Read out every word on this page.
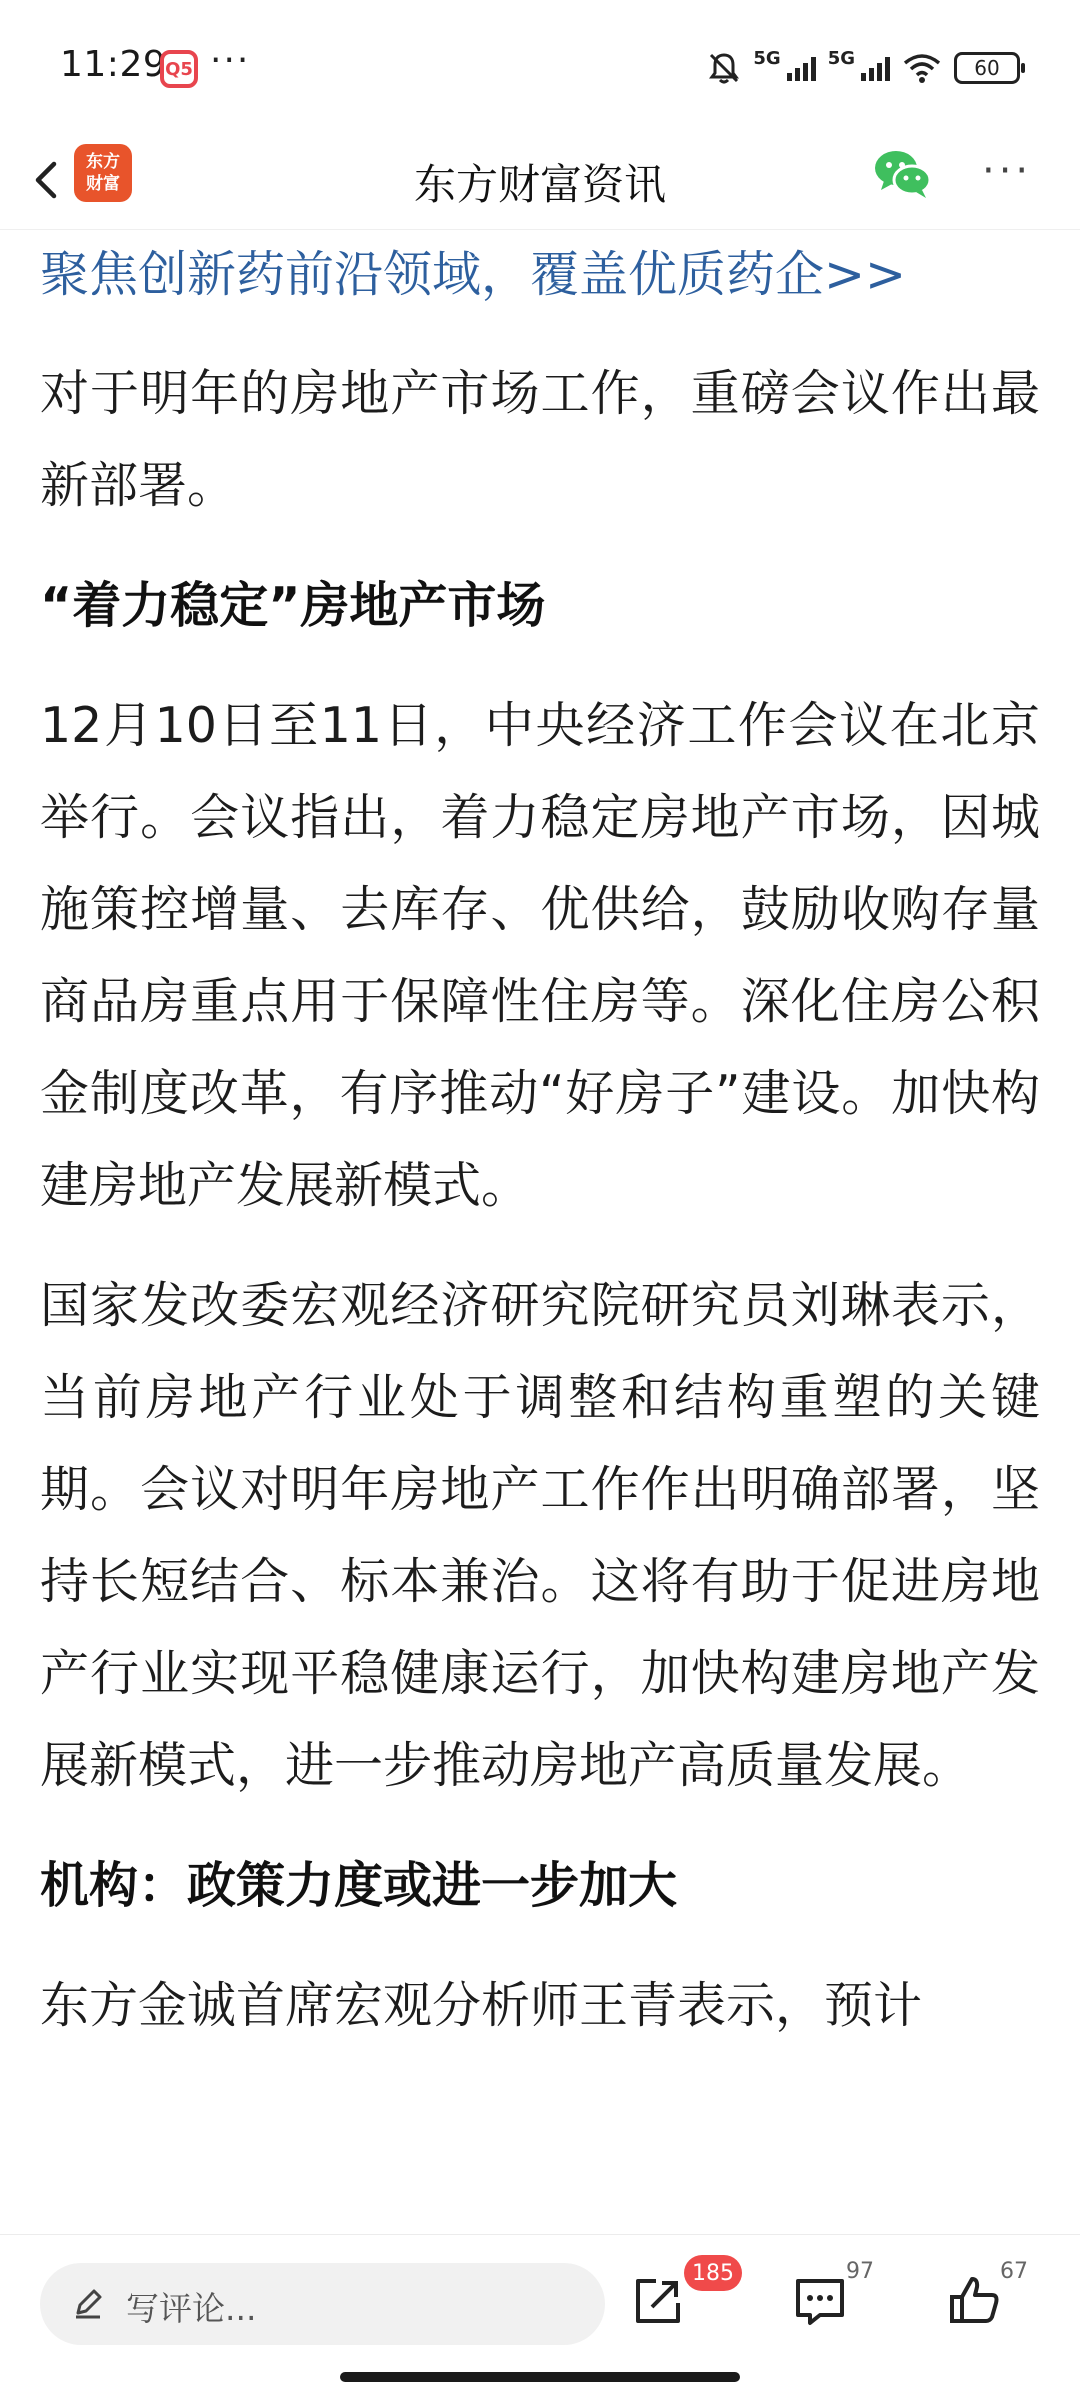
11:29
Q5 ···	5G	5G	60
东方
财富	东方财富资讯	···
聚焦创新药前沿领域，覆盖优质药企>>

对于明年的房地产市场工作，重磅会议作出最新部署。

“着力稳定”房地产市场

12月10日至11日，中央经济工作会议在北京举行。会议指出，着力稳定房地产市场，因城施策控增量、去库存、优供给，鼓励收购存量商品房重点用于保障性住房等。深化住房公积金制度改革，有序推动“好房子”建设。加快构建房地产发展新模式。

国家发改委宏观经济研究院研究员刘琳表示，当前房地产行业处于调整和结构重塑的关键期。会议对明年房地产工作作出明确部署，坚持长短结合、标本兼治。这将有助于促进房地产行业实现平稳健康运行，加快构建房地产发展新模式，进一步推动房地产高质量发展。

机构：政策力度或进一步加大

东方金诚首席宏观分析师王青表示，预计

写评论...
185	97	67
